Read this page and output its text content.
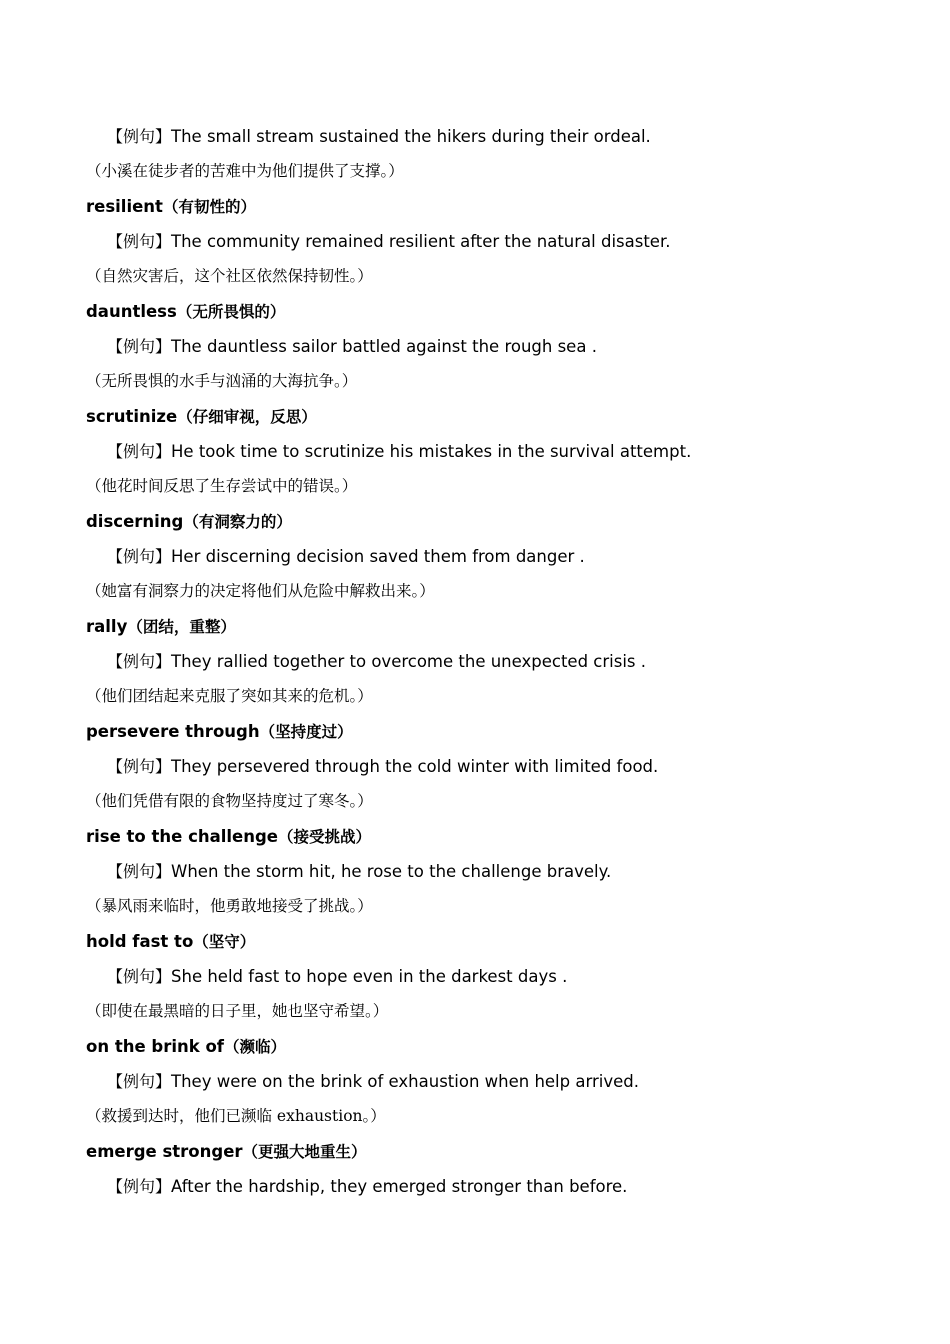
【例句】The small stream sustained the hikers during their ordeal.
（小溪在徒步者的苦难中为他们提供了支撑。）
resilient（有韧性的）
【例句】The community remained resilient after the natural disaster.
（自然灾害后，这个社区依然保持韧性。）
dauntless（无所畏惧的）
【例句】The dauntless sailor battled against the rough sea .
（无所畏惧的水手与汹涌的大海抗争。）
scrutinize（仔细审视，反思）
【例句】He took time to scrutinize his mistakes in the survival attempt.
（他花时间反思了生存尝试中的错误。）
discerning（有洞察力的）
【例句】Her discerning decision saved them from danger .
（她富有洞察力的决定将他们从危险中解救出来。）
rally（团结，重整）
【例句】They rallied together to overcome the unexpected crisis .
（他们团结起来克服了突如其来的危机。）
persevere through（坚持度过）
【例句】They persevered through the cold winter with limited food.
（他们凭借有限的食物坚持度过了寒冬。）
rise to the challenge（接受挑战）
【例句】When the storm hit, he rose to the challenge bravely.
（暴风雨来临时，他勇敢地接受了挑战。）
hold fast to（坚守）
【例句】She held fast to hope even in the darkest days .
（即使在最黑暗的日子里，她也坚守希望。）
on the brink of（濒临）
【例句】They were on the brink of exhaustion when help arrived.
（救援到达时，他们已濒临 exhaustion。）
emerge stronger（更强大地重生）
【例句】After the hardship, they emerged stronger than before.
